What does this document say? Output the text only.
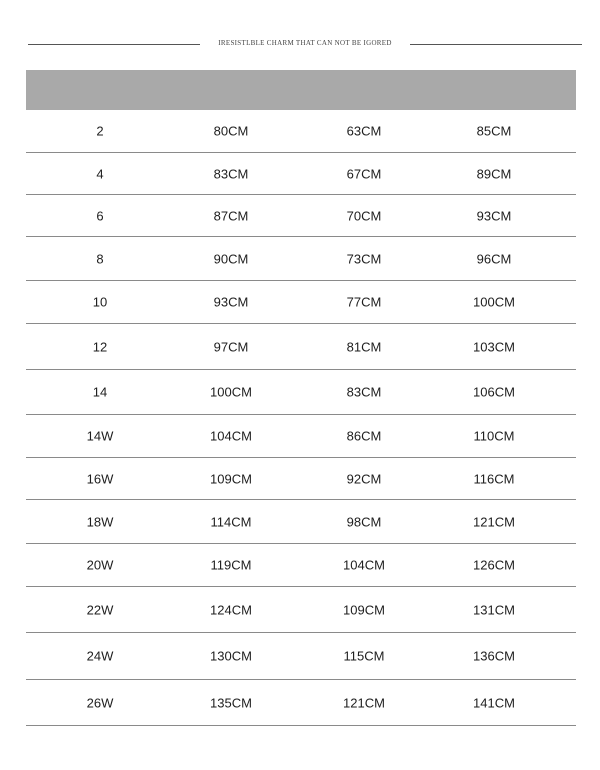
IRESISTLBLE CHARM THAT CAN NOT BE IGORED
2	80CM	63CM	85CM
4	83CM	67CM	89CM
6	87CM	70CM	93CM
8	90CM	73CM	96CM
10	93CM	77CM	100CM
12	97CM	81CM	103CM
14	100CM	83CM	106CM
14W	104CM	86CM	110CM
16W	109CM	92CM	116CM
18W	114CM	98CM	121CM
20W	119CM	104CM	126CM
22W	124CM	109CM	131CM
24W	130CM	115CM	136CM
26W	135CM	121CM	141CM
